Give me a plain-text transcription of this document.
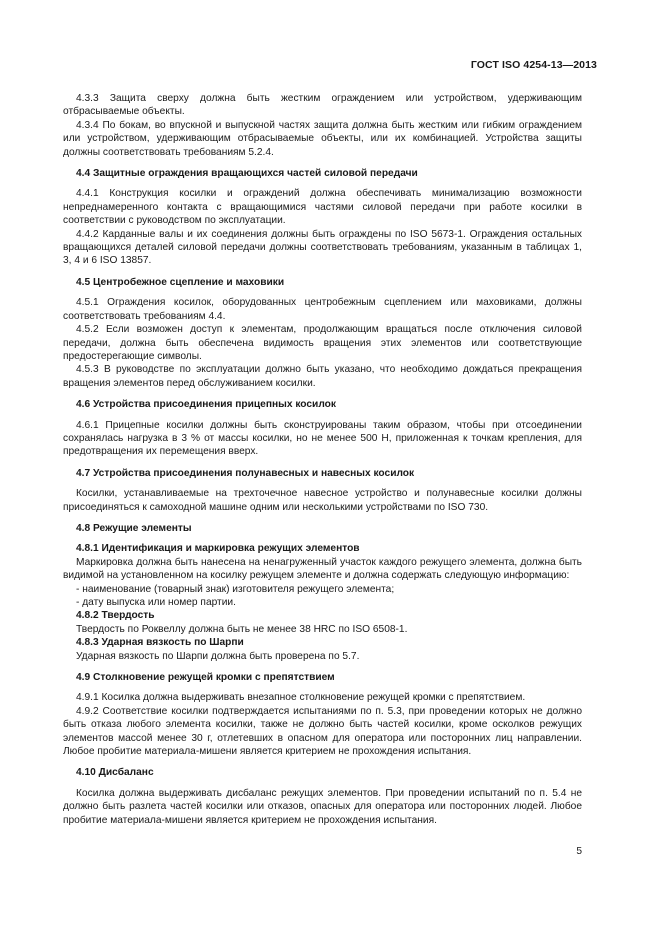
ГОСТ ISO 4254-13—2013

4.3.3 Защита сверху должна быть жестким ограждением или устройством, удерживающим отбрасываемые объекты.

4.3.4 По бокам, во впускной и выпускной частях защита должна быть жестким или гибким ограждением или устройством, удерживающим отбрасываемые объекты, или их комбинацией. Устройства защиты должны соответствовать требованиям 5.2.4.

4.4 Защитные ограждения вращающихся частей силовой передачи

4.4.1 Конструкция косилки и ограждений должна обеспечивать минимализацию возможности непреднамеренного контакта с вращающимися частями силовой передачи при работе косилки в соответствии с руководством по эксплуатации.

4.4.2 Карданные валы и их соединения должны быть ограждены по ISO 5673-1. Ограждения остальных вращающихся деталей силовой передачи должны соответствовать требованиям, указанным в таблицах 1, 3, 4 и 6 ISO 13857.

4.5 Центробежное сцепление и маховики

4.5.1 Ограждения косилок, оборудованных центробежным сцеплением или маховиками, должны соответствовать требованиям 4.4.

4.5.2 Если возможен доступ к элементам, продолжающим вращаться после отключения силовой передачи, должна быть обеспечена видимость вращения этих элементов или соответствующие предостерегающие символы.

4.5.3 В руководстве по эксплуатации должно быть указано, что необходимо дождаться прекращения вращения элементов перед обслуживанием косилки.

4.6 Устройства присоединения прицепных косилок

4.6.1 Прицепные косилки должны быть сконструированы таким образом, чтобы при отсоединении сохранялась нагрузка в 3 % от массы косилки, но не менее 500 Н, приложенная к точкам крепления, для предотвращения их перемещения вверх.

4.7 Устройства присоединения полунавесных и навесных косилок

Косилки, устанавливаемые на трехточечное навесное устройство и полунавесные косилки должны присоединяться к самоходной машине одним или несколькими устройствами по ISO 730.

4.8 Режущие элементы

4.8.1 Идентификация и маркировка режущих элементов

Маркировка должна быть нанесена на ненагруженный участок каждого режущего элемента, должна быть видимой на установленном на косилку режущем элементе и должна содержать следующую информацию:

- наименование (товарный знак) изготовителя режущего элемента;

- дату выпуска или номер партии.

4.8.2 Твердость

Твердость по Роквеллу должна быть не менее 38 HRC по ISO 6508-1.

4.8.3 Ударная вязкость по Шарпи

Ударная вязкость по Шарпи должна быть проверена по 5.7.

4.9 Столкновение режущей кромки с препятствием

4.9.1 Косилка должна выдерживать внезапное столкновение режущей кромки с препятствием.

4.9.2 Соответствие косилки подтверждается испытаниями по п. 5.3, при проведении которых не должно быть отказа любого элемента косилки, также не должно быть частей косилки, кроме осколков режущих элементов массой менее 30 г, отлетевших в опасном для оператора или посторонних лиц направлении. Любое пробитие материала-мишени является критерием не прохождения испытания.

4.10 Дисбаланс

Косилка должна выдерживать дисбаланс режущих элементов. При проведении испытаний по п. 5.4 не должно быть разлета частей косилки или отказов, опасных для оператора или посторонних людей. Любое пробитие материала-мишени является критерием не прохождения испытания.

5
